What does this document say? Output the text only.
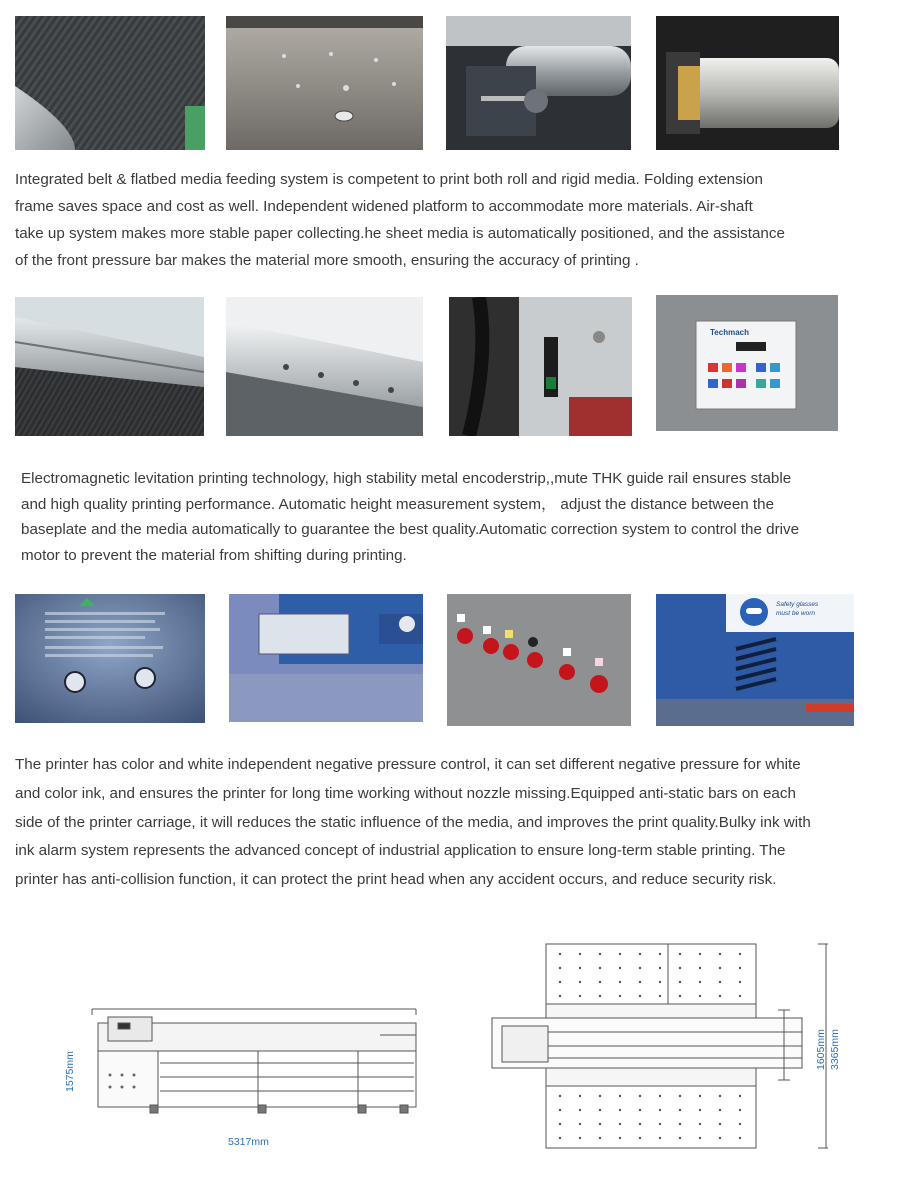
Integrated belt & flatbed media feeding system is competent to print both roll and rigid media. Folding extension
frame saves space and cost as well. Independent widened platform to accommodate more materials. Air-shaft
take up system makes more stable paper collecting.he sheet media is automatically positioned, and the assistance
of the front pressure bar makes the material more smooth, ensuring the accuracy of printing .
Techmach
Electromagnetic levitation printing technology, high stability metal encoderstrip,,mute THK guide rail ensures stable
and high quality printing performance. Automatic height measurement system， adjust the distance between the
baseplate and the media automatically to guarantee the best quality.Automatic correction system to control the drive
motor to prevent the material from shifting during printing.
Safety glasses
must be worn
The printer has color and white independent negative pressure control, it can set different negative pressure for white
and color ink, and ensures the printer for long time working without nozzle missing.Equipped anti-static bars on each
side of the printer carriage, it will reduces the static influence of the media, and improves the print quality.Bulky ink with
ink alarm system represents the advanced concept of industrial application to ensure long-term stable printing. The
printer has anti-collision function, it can protect the print head when any accident occurs, and reduce security risk.
1575mm
5317mm
1605mm 3365mm
